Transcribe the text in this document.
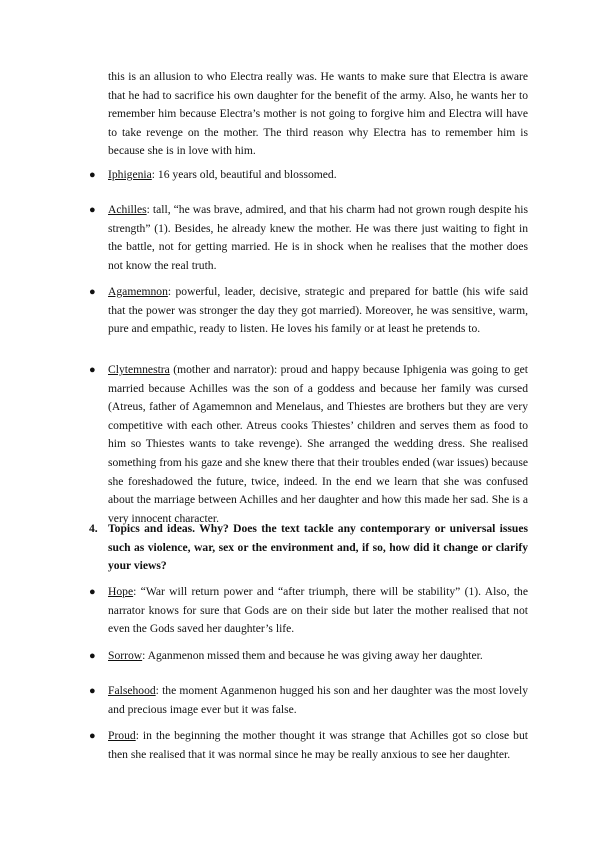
this is an allusion to who Electra really was. He wants to make sure that Electra is aware that he had to sacrifice his own daughter for the benefit of the army. Also, he wants her to remember him because Electra’s mother is not going to forgive him and Electra will have to take revenge on the mother. The third reason why Electra has to remember him is because she is in love with him.

● Iphigenia: 16 years old, beautiful and blossomed.

● Achilles: tall, “he was brave, admired, and that his charm had not grown rough despite his strength” (1). Besides, he already knew the mother. He was there just waiting to fight in the battle, not for getting married. He is in shock when he realises that the mother does not know the real truth.

● Agamemnon: powerful, leader, decisive, strategic and prepared for battle (his wife said that the power was stronger the day they got married). Moreover, he was sensitive, warm, pure and empathic, ready to listen. He loves his family or at least he pretends to.

● Clytemnestra (mother and narrator): proud and happy because Iphigenia was going to get married because Achilles was the son of a goddess and because her family was cursed (Atreus, father of Agamemnon and Menelaus, and Thiestes are brothers but they are very competitive with each other. Atreus cooks Thiestes’ children and serves them as food to him so Thiestes wants to take revenge). She arranged the wedding dress. She realised something from his gaze and she knew there that their troubles ended (war issues) because she foreshadowed the future, twice, indeed. In the end we learn that she was confused about the marriage between Achilles and her daughter and how this made her sad. She is a very innocent character.

4. Topics and ideas. Why? Does the text tackle any contemporary or universal issues such as violence, war, sex or the environment and, if so, how did it change or clarify your views?

● Hope: “War will return power and “after triumph, there will be stability” (1). Also, the narrator knows for sure that Gods are on their side but later the mother realised that not even the Gods saved her daughter’s life.

● Sorrow: Aganmenon missed them and because he was giving away her daughter.

● Falsehood: the moment Aganmenon hugged his son and her daughter was the most lovely and precious image ever but it was false.

● Proud: in the beginning the mother thought it was strange that Achilles got so close but then she realised that it was normal since he may be really anxious to see her daughter.
